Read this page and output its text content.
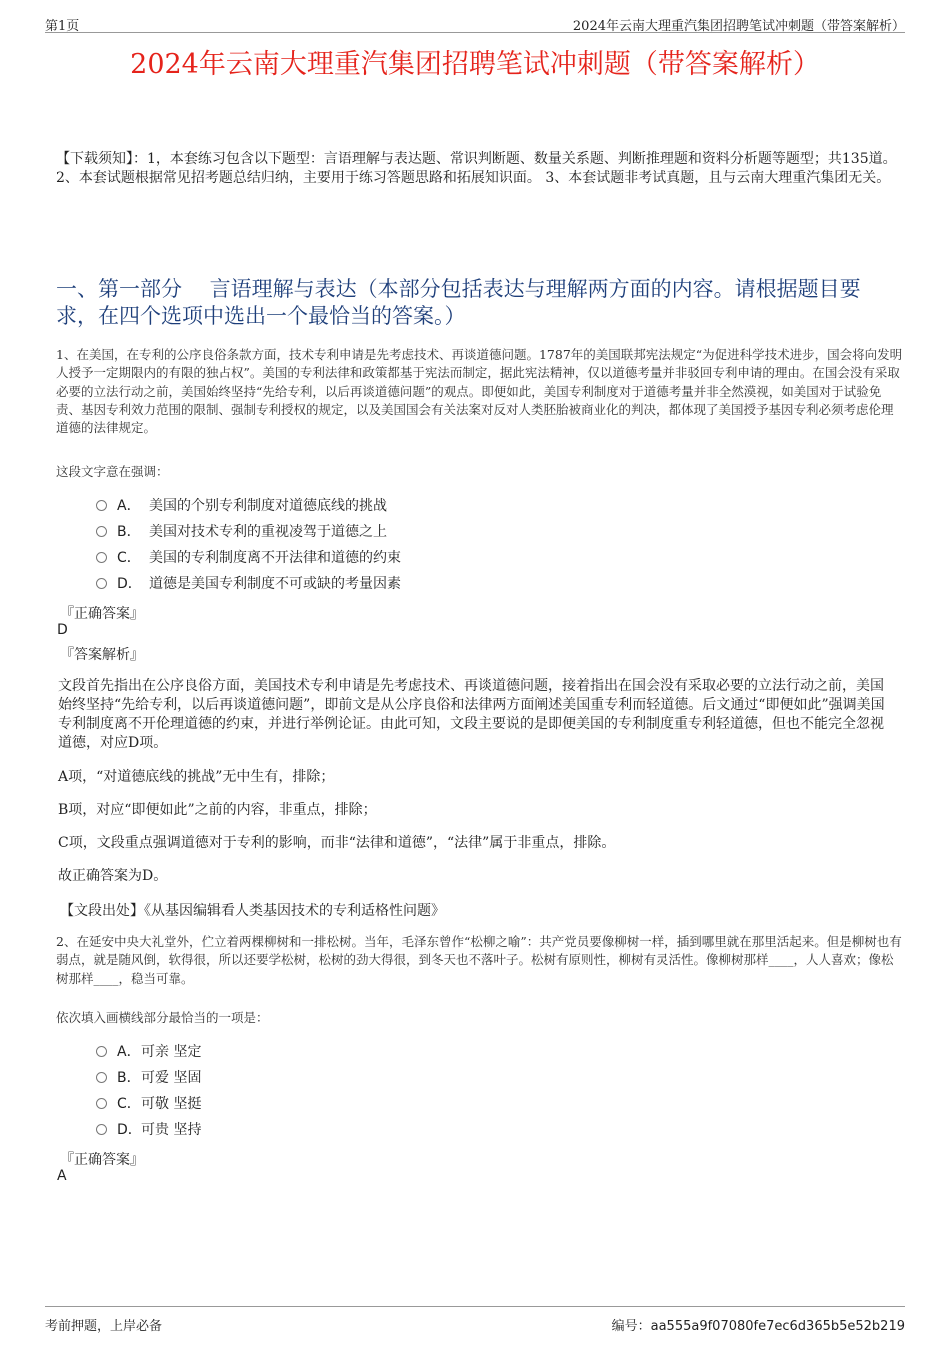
第1页	2024年云南大理重汽集团招聘笔试冲刺题（带答案解析）
2024年云南大理重汽集团招聘笔试冲刺题（带答案解析）
【下载须知】：1，本套练习包含以下题型：言语理解与表达题、常识判断题、数量关系题、判断推理题和资料分析题等题型；共135道。 2、本套试题根据常见招考题总结归纳，主要用于练习答题思路和拓展知识面。 3、本套试题非考试真题，且与云南大理重汽集团无关。
一、第一部分　 言语理解与表达（本部分包括表达与理解两方面的内容。请根据题目要求，在四个选项中选出一个最恰当的答案。）
1、在美国，在专利的公序良俗条款方面，技术专利申请是先考虑技术、再谈道德问题。1787年的美国联邦宪法规定“为促进科学技术进步，国会将向发明人授予一定期限内的有限的独占权”。美国的专利法律和政策都基于宪法而制定，据此宪法精神，仅以道德考量并非驳回专利申请的理由。在国会没有采取必要的立法行动之前，美国始终坚持“先给专利，以后再谈道德问题”的观点。即便如此，美国专利制度对于道德考量并非全然漠视，如美国对于试验免责、基因专利效力范围的限制、强制专利授权的规定，以及美国国会有关法案对反对人类胚胎被商业化的判决，都体现了美国授予基因专利必须考虑伦理道德的法律规定。
这段文字意在强调：
A． 美国的个别专利制度对道德底线的挑战
B． 美国对技术专利的重视凌驾于道德之上
C． 美国的专利制度离不开法律和道德的约束
D． 道德是美国专利制度不可或缺的考量因素
『正确答案』
D
『答案解析』
文段首先指出在公序良俗方面，美国技术专利申请是先考虑技术、再谈道德问题，接着指出在国会没有采取必要的立法行动之前，美国始终坚持“先给专利，以后再谈道德问题”，即前文是从公序良俗和法律两方面阐述美国重专利而轻道德。后文通过“即便如此”强调美国专利制度离不开伦理道德的约束，并进行举例论证。由此可知，文段主要说的是即便美国的专利制度重专利轻道德，但也不能完全忽视道德，对应D项。
A项，“对道德底线的挑战”无中生有，排除；
B项，对应“即便如此”之前的内容，非重点，排除；
C项，文段重点强调道德对于专利的影响，而非“法律和道德”，“法律”属于非重点，排除。
故正确答案为D。
【文段出处】《从基因编辑看人类基因技术的专利适格性问题》
2、在延安中央大礼堂外，伫立着两棵柳树和一排松树。当年，毛泽东曾作“松柳之喻”：共产党员要像柳树一样，插到哪里就在那里活起来。但是柳树也有弱点，就是随风倒，软得很，所以还要学松树，松树的劲大得很，到冬天也不落叶子。松树有原则性，柳树有灵活性。像柳树那样____，人人喜欢；像松树那样____，稳当可靠。
依次填入画横线部分最恰当的一项是：
A．可亲 坚定
B．可爱 坚固
C．可敬 坚挺
D．可贵 坚持
『正确答案』
A
考前押题，上岸必备	编号：aa555a9f07080fe7ec6d365b5e52b219
